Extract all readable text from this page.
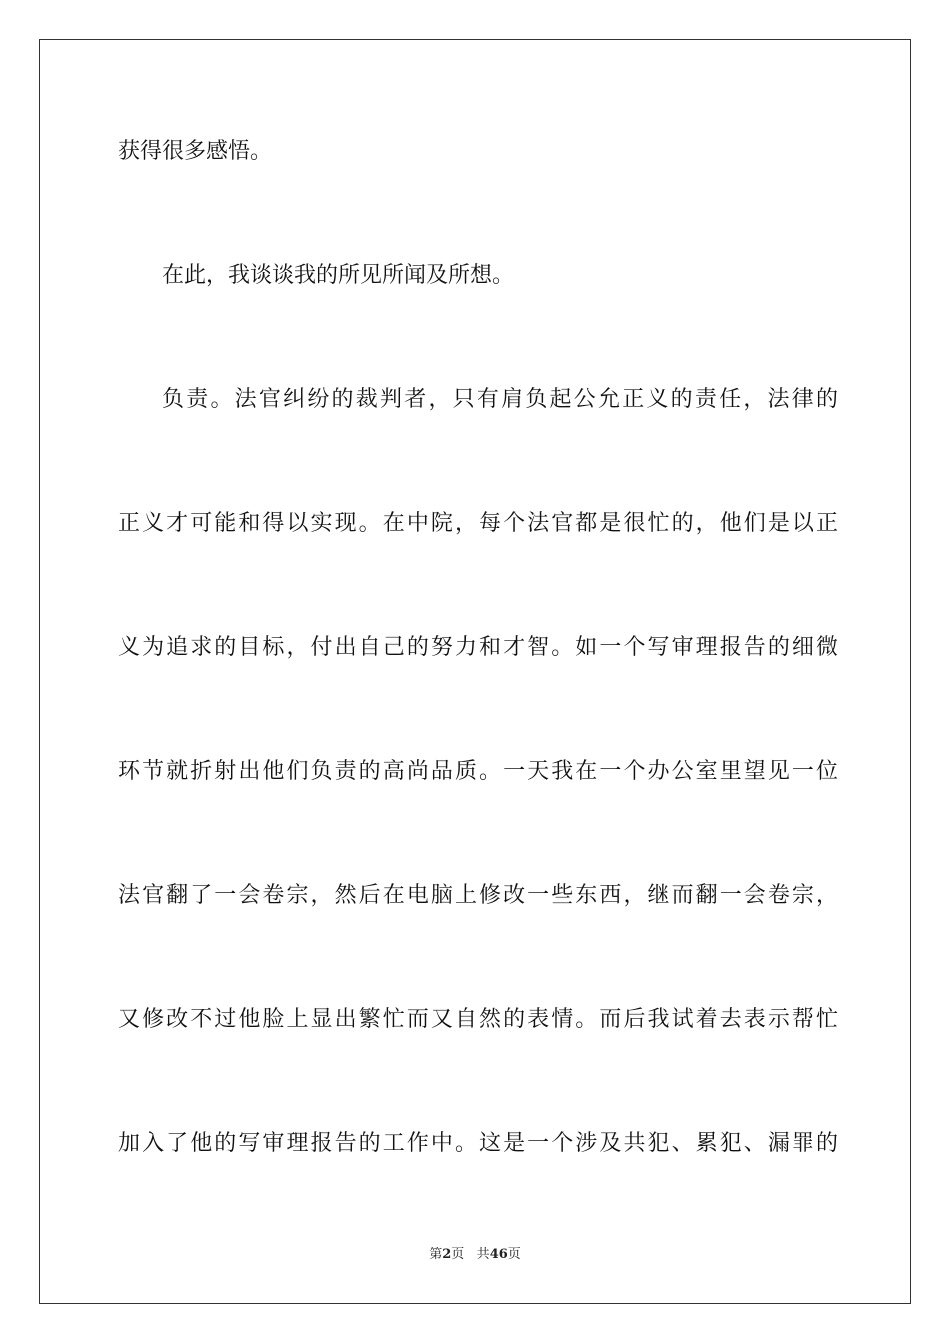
获得很多感悟。
在此，我谈谈我的所见所闻及所想。
负责。法官纠纷的裁判者，只有肩负起公允正义的责任，法律的
正义才可能和得以实现。在中院，每个法官都是很忙的，他们是以正
义为追求的目标，付出自己的努力和才智。如一个写审理报告的细微
环节就折射出他们负责的高尚品质。一天我在一个办公室里望见一位
法官翻了一会卷宗，然后在电脑上修改一些东西，继而翻一会卷宗，
又修改不过他脸上显出繁忙而又自然的表情。而后我试着去表示帮忙
加入了他的写审理报告的工作中。这是一个涉及共犯、累犯、漏罪的
第2页 共46页
